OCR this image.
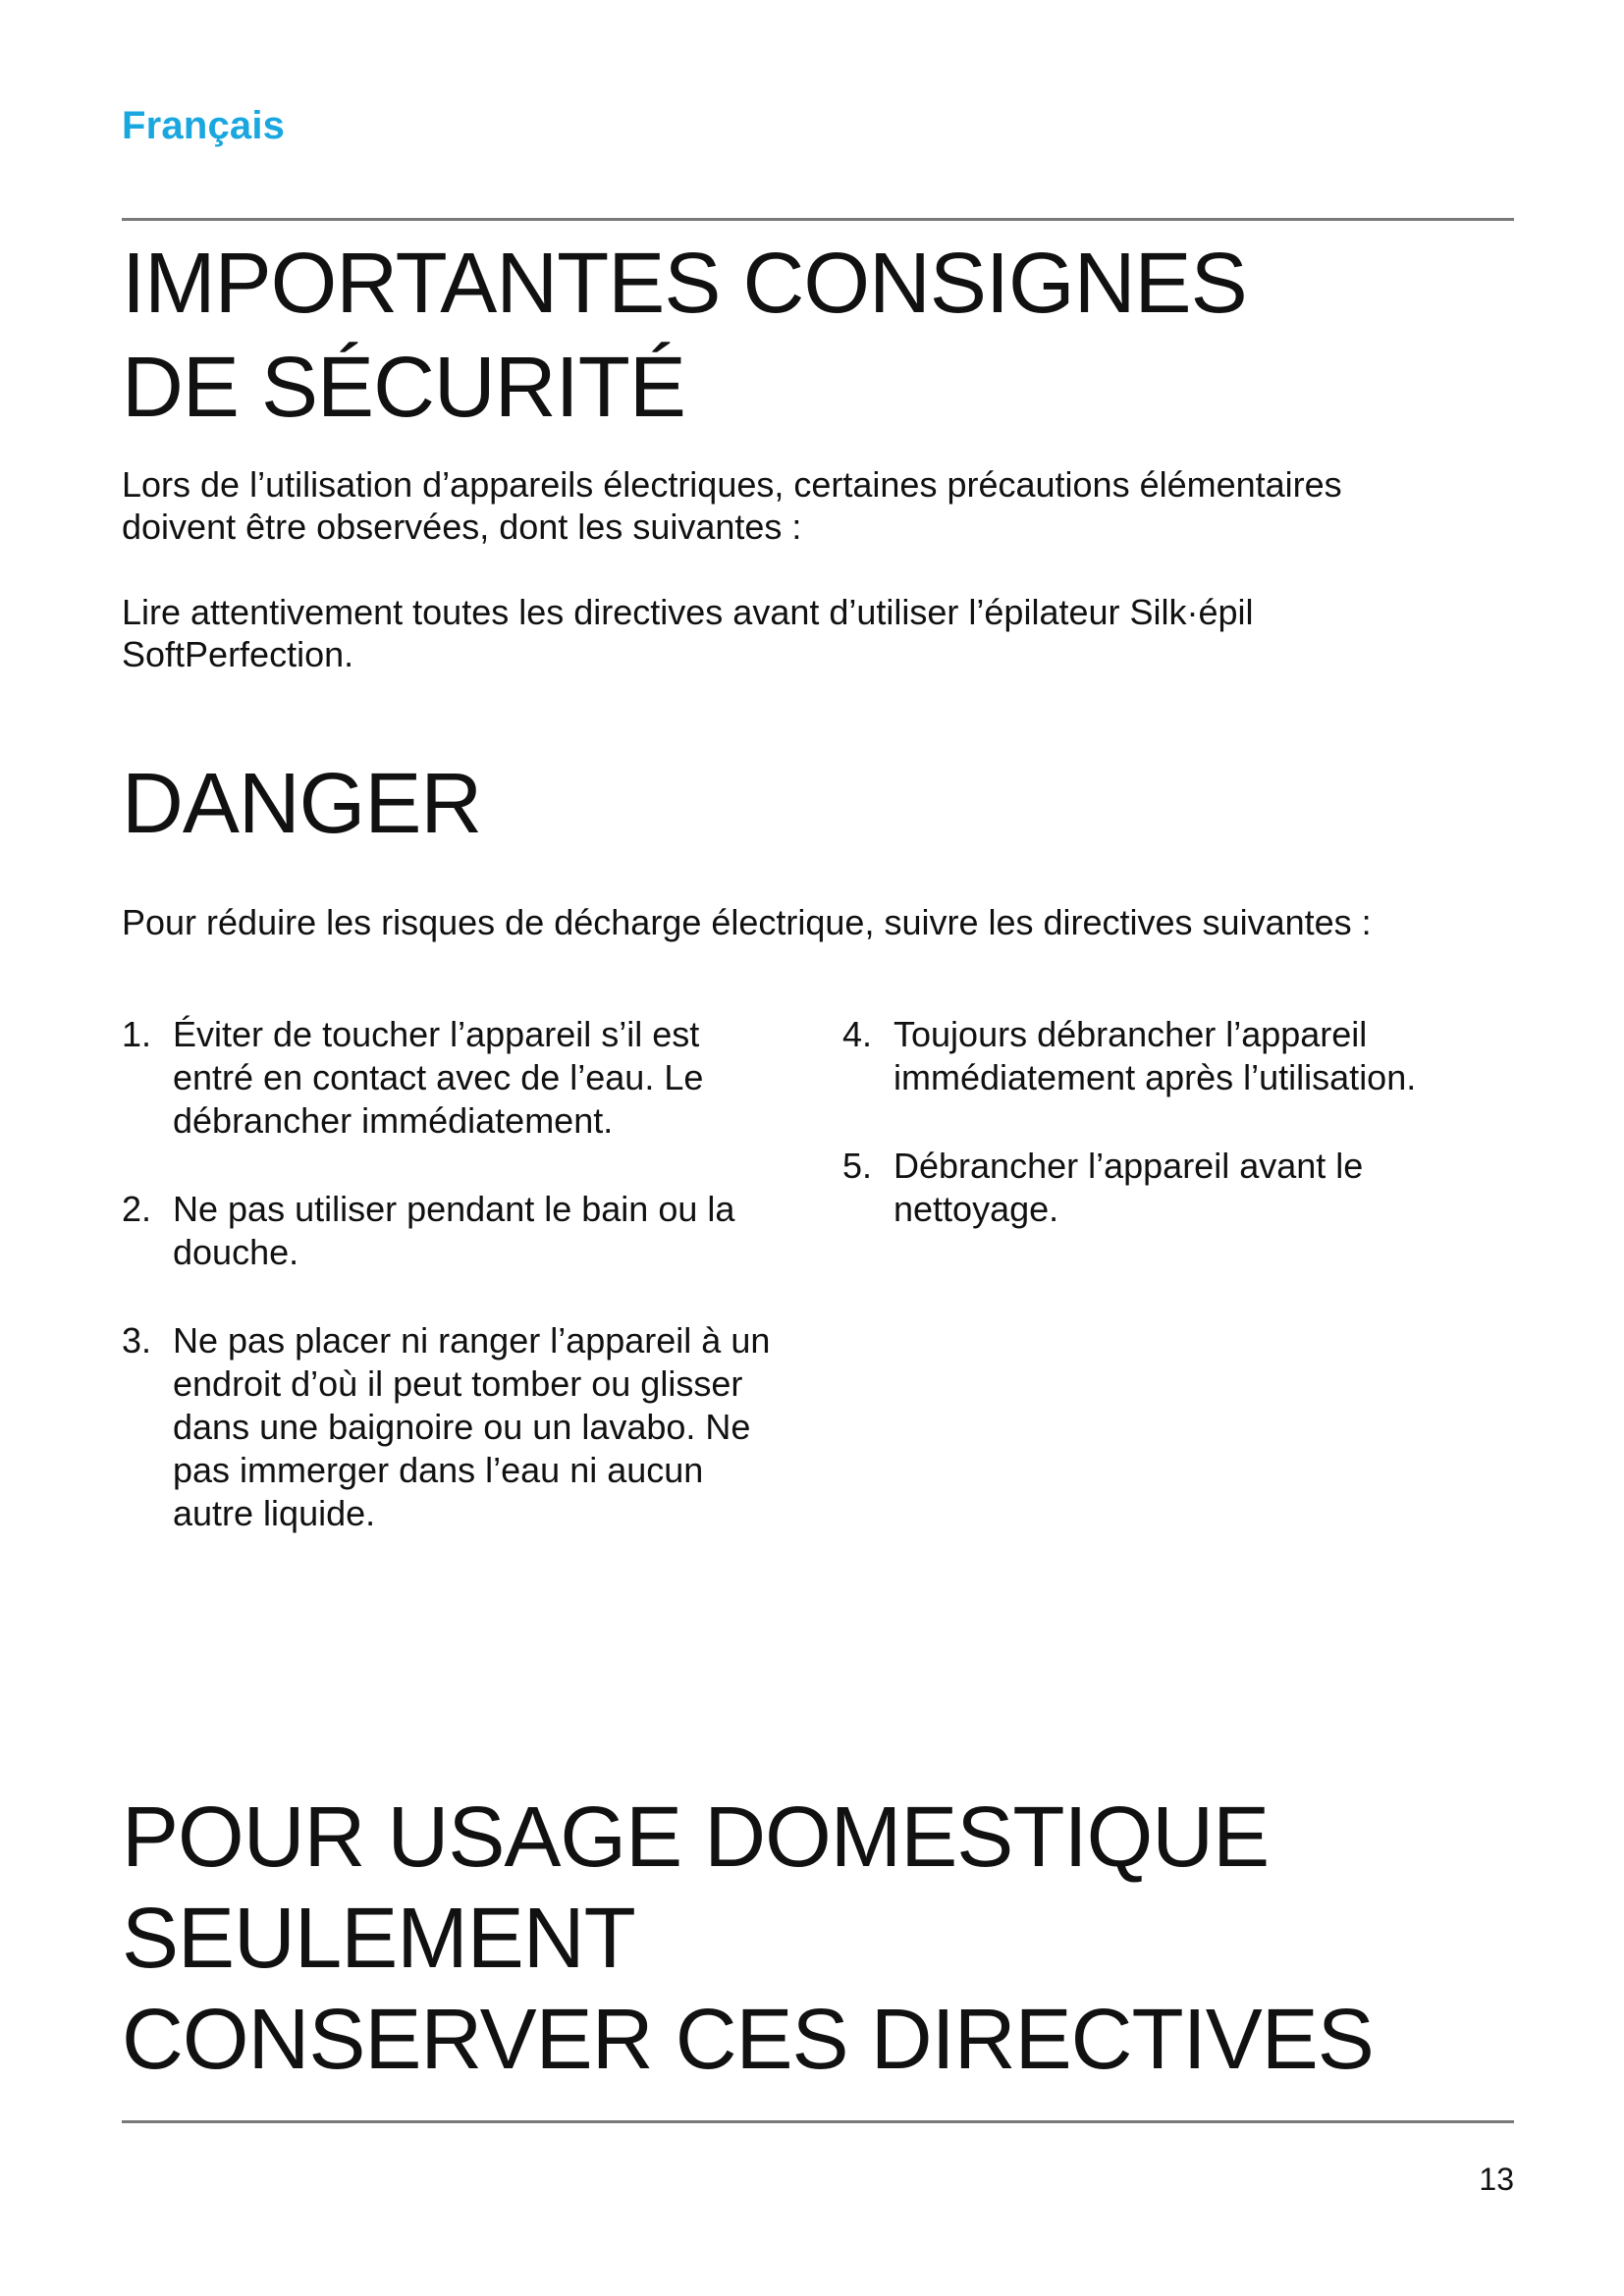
Français
IMPORTANTES CONSIGNES
DE SÉCURITÉ

Lors de l’utilisation d’appareils électriques, certaines précautions élémentaires doivent être observées, dont les suivantes :

Lire attentivement toutes les directives avant d’utiliser l’épilateur Silk·épil SoftPerfection.

DANGER

Pour réduire les risques de décharge électrique, suivre les directives suivantes :

1. Éviter de toucher l’appareil s’il est entré en contact avec de l’eau. Le débrancher immédiatement.
2. Ne pas utiliser pendant le bain ou la douche.
3. Ne pas placer ni ranger l’appareil à un endroit d’où il peut tomber ou glisser dans une baignoire ou un lavabo. Ne pas immerger dans l’eau ni aucun autre liquide.
4. Toujours débrancher l’appareil immédiatement après l’utilisation.
5. Débrancher l’appareil avant le nettoyage.
POUR USAGE DOMESTIQUE
SEULEMENT
CONSERVER CES DIRECTIVES
13
